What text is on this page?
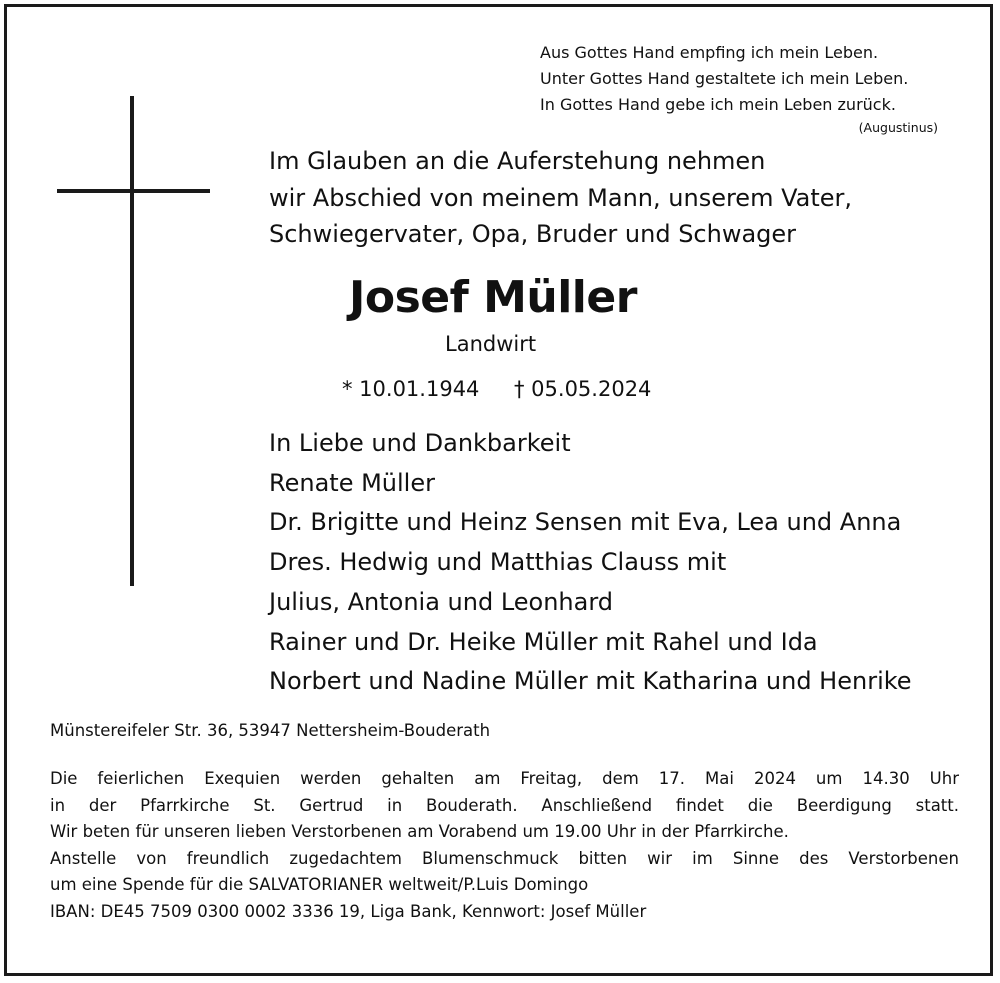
Aus Gottes Hand empfing ich mein Leben.
Unter Gottes Hand gestaltete ich mein Leben.
In Gottes Hand gebe ich mein Leben zurück.
(Augustinus)
Im Glauben an die Auferstehung nehmen
wir Abschied von meinem Mann, unserem Vater,
Schwiegervater, Opa, Bruder und Schwager
Josef Müller
Landwirt
* 10.01.1944 † 05.05.2024
In Liebe und Dankbarkeit
Renate Müller
Dr. Brigitte und Heinz Sensen mit Eva, Lea und Anna
Dres. Hedwig und Matthias Clauss mit
Julius, Antonia und Leonhard
Rainer und Dr. Heike Müller mit Rahel und Ida
Norbert und Nadine Müller mit Katharina und Henrike
Münstereifeler Str. 36, 53947 Nettersheim-Bouderath
Die feierlichen Exequien werden gehalten am Freitag, dem 17. Mai 2024 um 14.30 Uhr
in der Pfarrkirche St. Gertrud in Bouderath. Anschließend findet die Beerdigung statt.
Wir beten für unseren lieben Verstorbenen am Vorabend um 19.00 Uhr in der Pfarrkirche.
Anstelle von freundlich zugedachtem Blumenschmuck bitten wir im Sinne des Verstorbenen
um eine Spende für die SALVATORIANER weltweit/P.Luis Domingo
IBAN: DE45 7509 0300 0002 3336 19, Liga Bank, Kennwort: Josef Müller
